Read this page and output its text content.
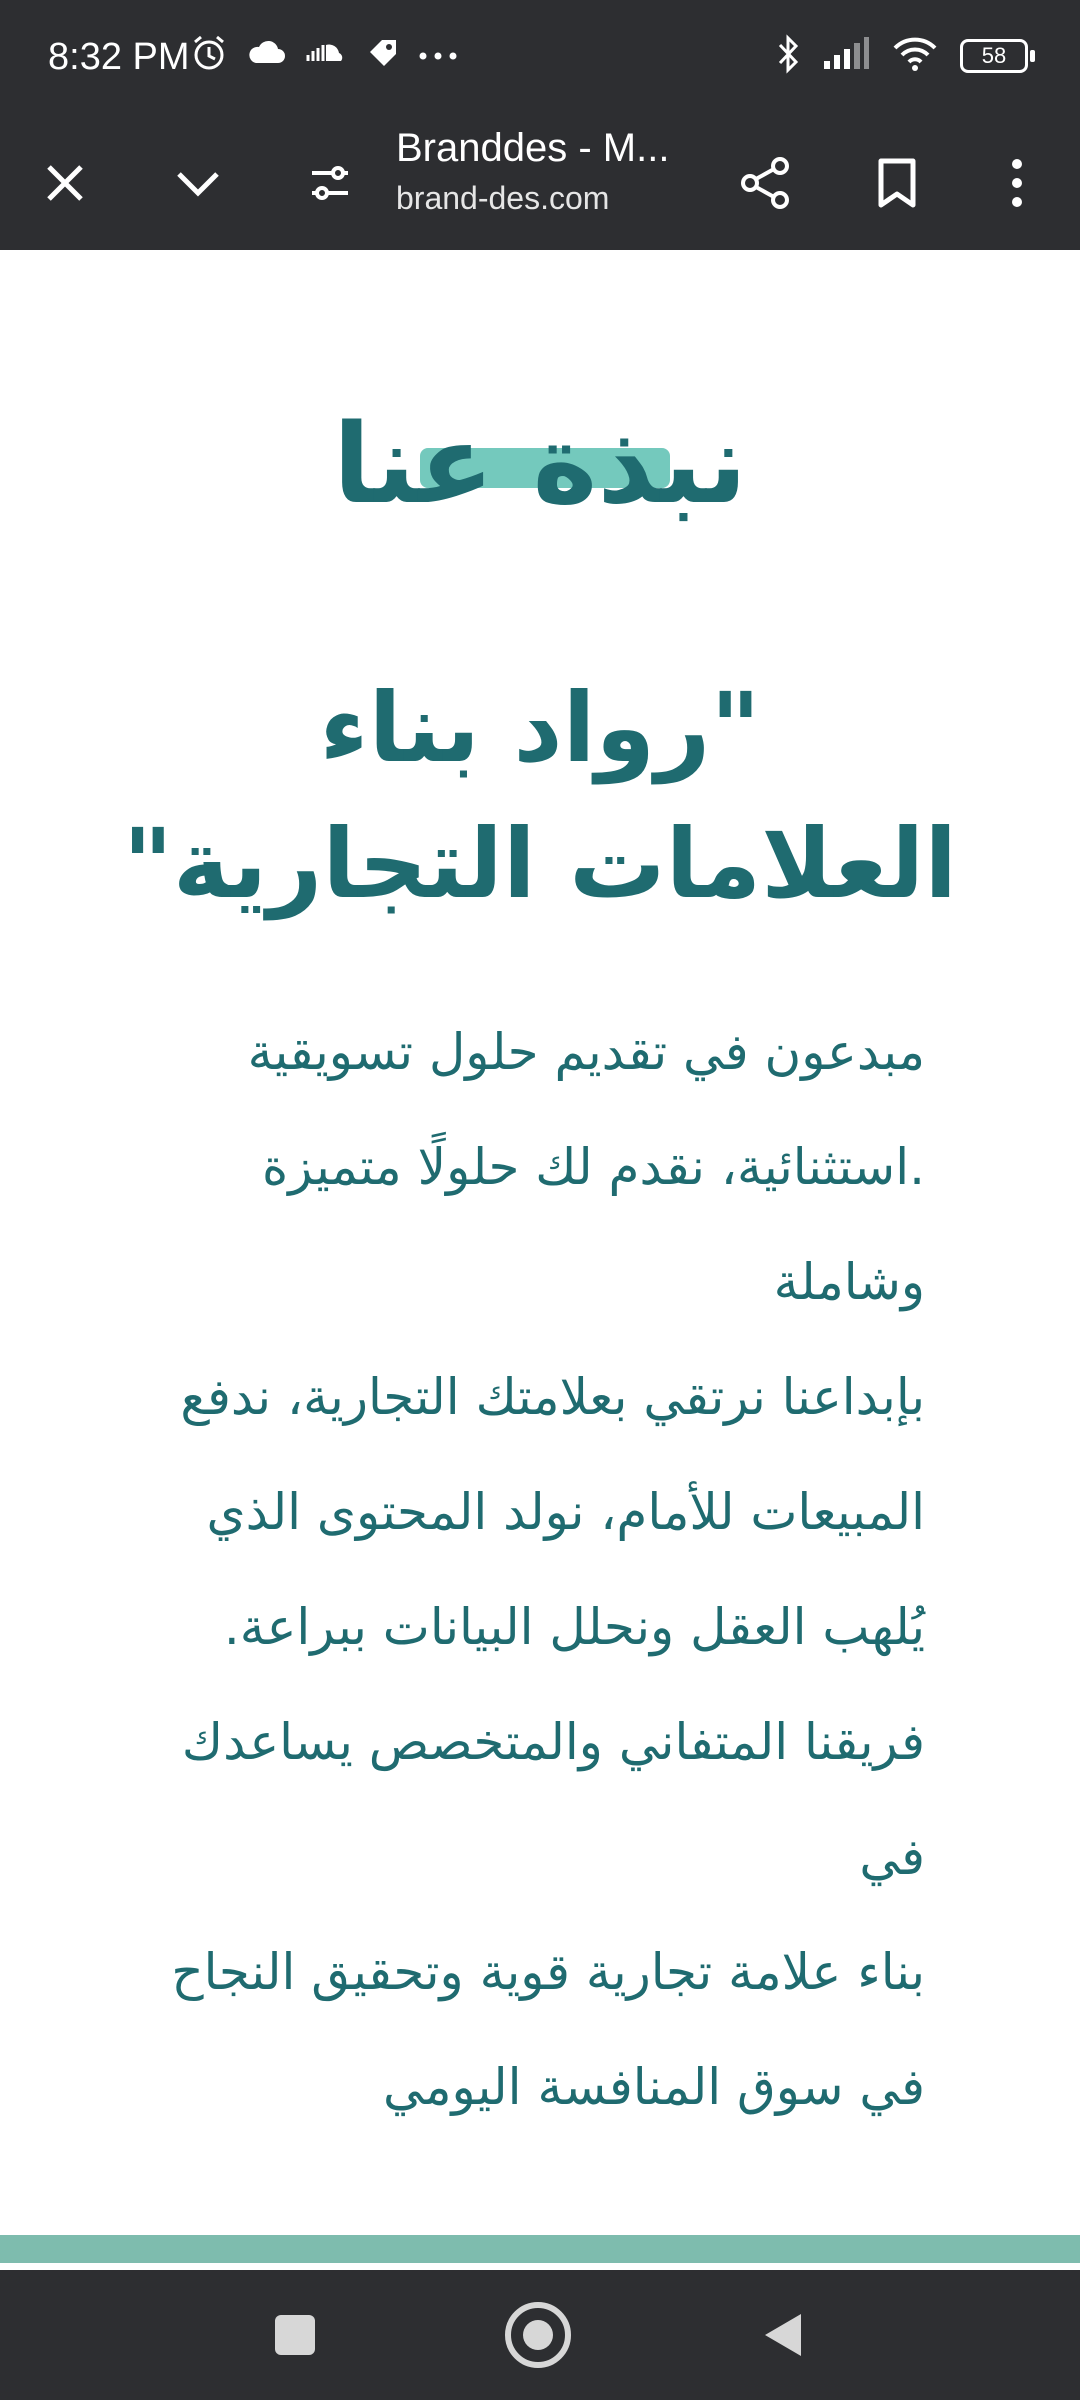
8:32 PM	58
Branddes - M...
brand-des.com
نبذة عنا
"رواد بناء العلامات التجارية"
مبدعون في تقديم حلول تسويقية
.استثنائية، نقدم لك حلولًا متميزة
وشاملة
بإبداعنا نرتقي بعلامتك التجارية، ندفع
المبيعات للأمام، نولد المحتوى الذي
يُلهب العقل ونحلل البيانات ببراعة.
فريقنا المتفاني والمتخصص يساعدك في
بناء علامة تجارية قوية وتحقيق النجاح
في سوق المنافسة اليومي
